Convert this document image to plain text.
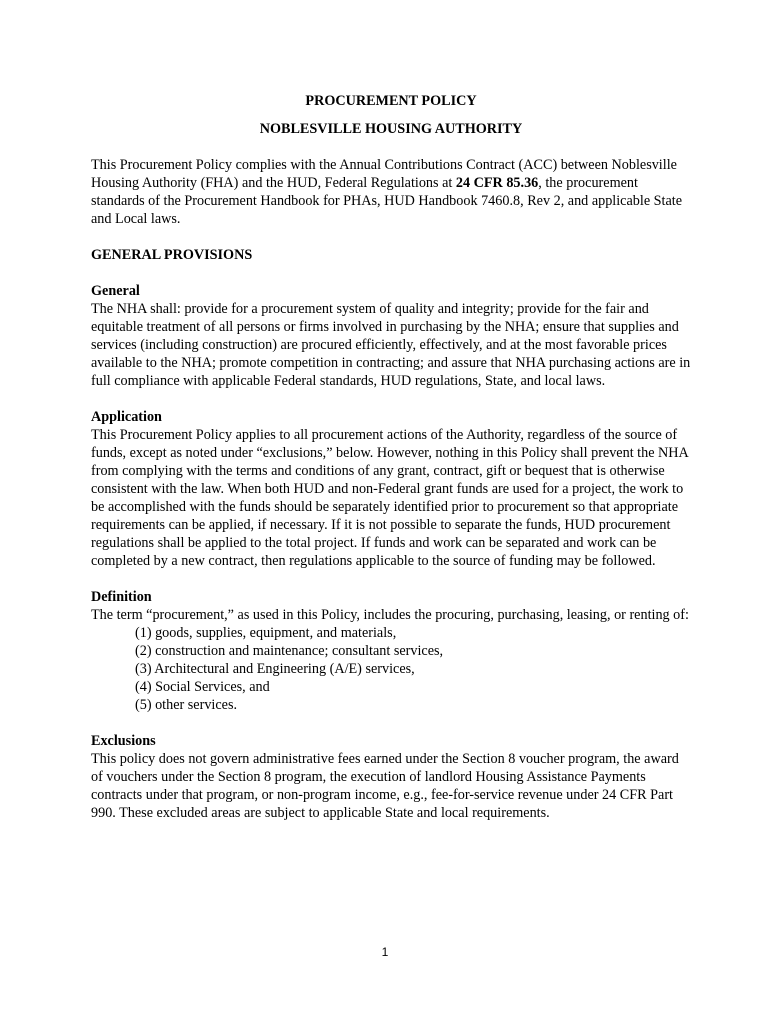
PROCUREMENT POLICY

NOBLESVILLE HOUSING AUTHORITY

This Procurement Policy complies with the Annual Contributions Contract (ACC) between Noblesville Housing Authority (FHA) and the HUD, Federal Regulations at 24 CFR 85.36, the procurement standards of the Procurement Handbook for PHAs, HUD Handbook 7460.8, Rev 2, and applicable State and Local laws.

GENERAL PROVISIONS

General

The NHA shall: provide for a procurement system of quality and integrity; provide for the fair and equitable treatment of all persons or firms involved in purchasing by the NHA; ensure that supplies and services (including construction) are procured efficiently, effectively, and at the most favorable prices available to the NHA; promote competition in contracting; and assure that NHA purchasing actions are in full compliance with applicable Federal standards, HUD regulations, State, and local laws.

Application

This Procurement Policy applies to all procurement actions of the Authority, regardless of the source of funds, except as noted under “exclusions,” below. However, nothing in this Policy shall prevent the NHA from complying with the terms and conditions of any grant, contract, gift or bequest that is otherwise consistent with the law. When both HUD and non-Federal grant funds are used for a project, the work to be accomplished with the funds should be separately identified prior to procurement so that appropriate requirements can be applied, if necessary. If it is not possible to separate the funds, HUD procurement regulations shall be applied to the total project. If funds and work can be separated and work can be completed by a new contract, then regulations applicable to the source of funding may be followed.

Definition

The term “procurement,” as used in this Policy, includes the procuring, purchasing, leasing, or renting of:

(1) goods, supplies, equipment, and materials,
(2) construction and maintenance; consultant services,
(3) Architectural and Engineering (A/E) services,
(4) Social Services, and
(5) other services.
Exclusions

This policy does not govern administrative fees earned under the Section 8 voucher program, the award of vouchers under the Section 8 program, the execution of landlord Housing Assistance Payments contracts under that program, or non-program income, e.g., fee-for-service revenue under 24 CFR Part 990. These excluded areas are subject to applicable State and local requirements.

1
